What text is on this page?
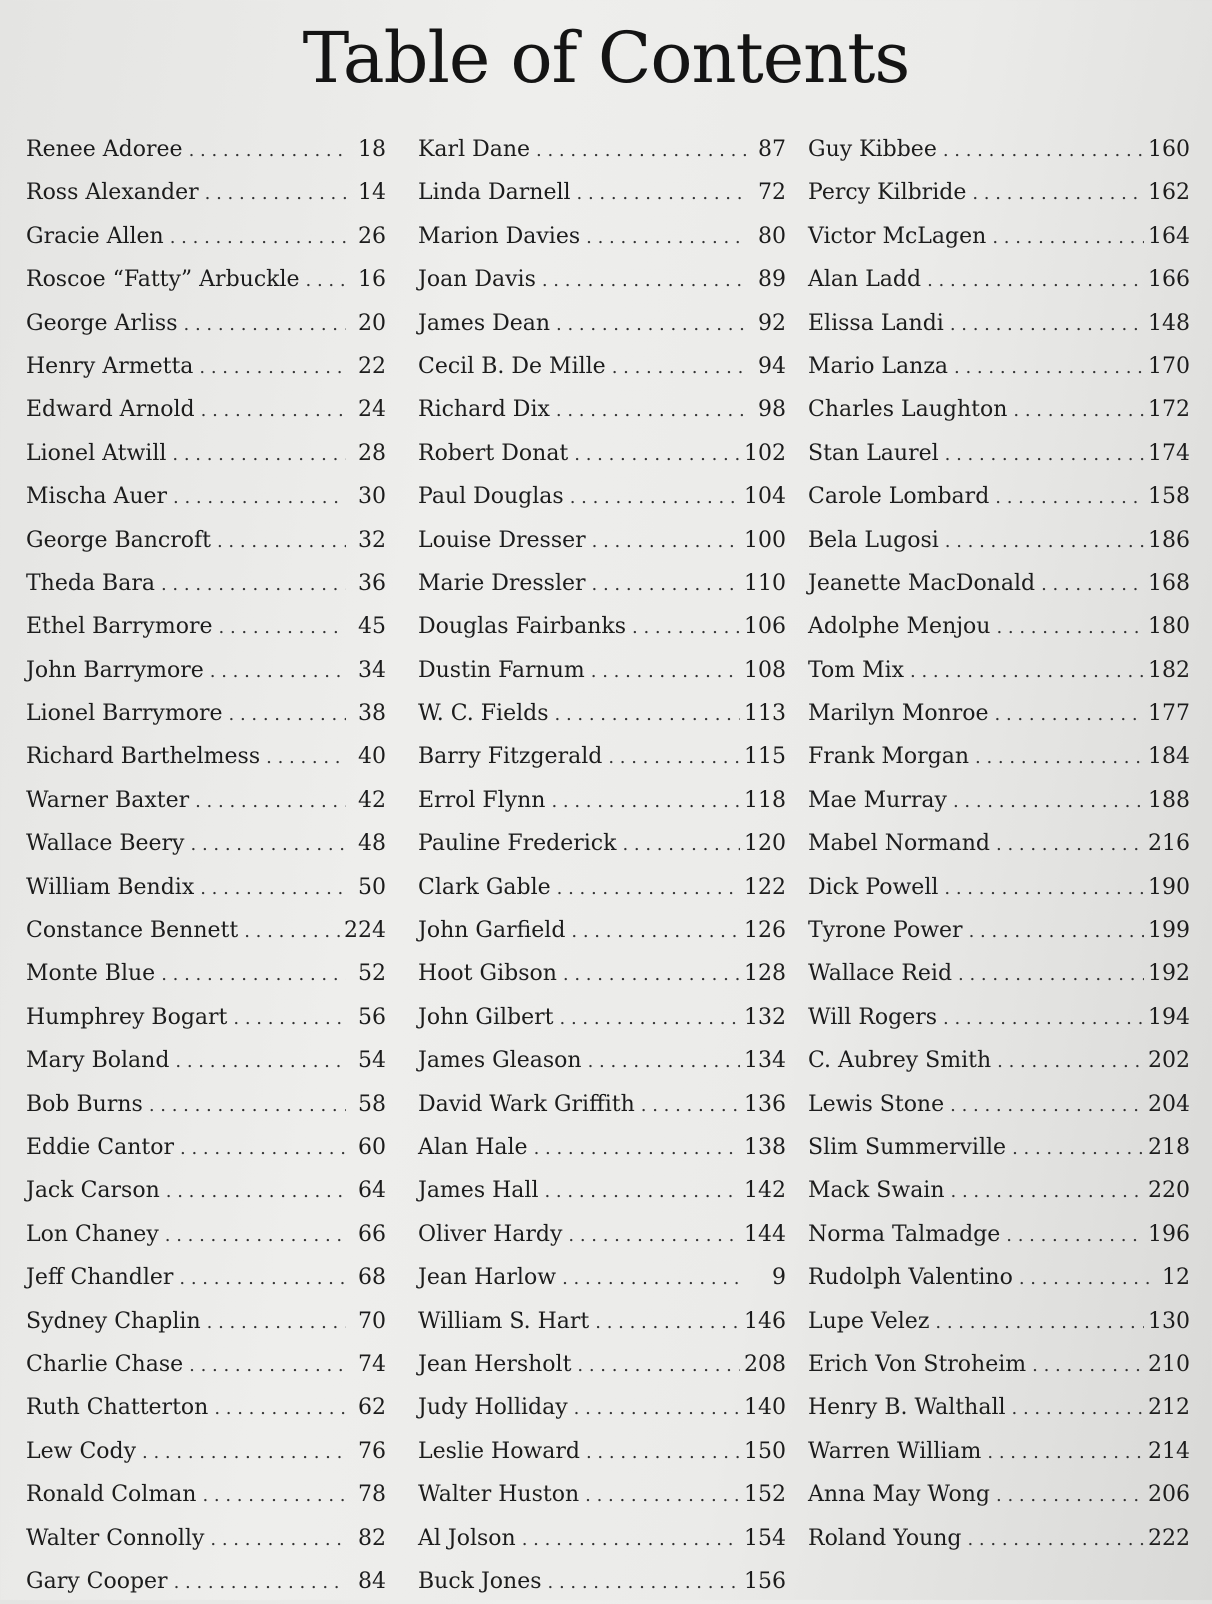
Table of Contents
Renee Adoree . . .	18
Ross Alexander . . .	14
Gracie Allen . . .	26
Roscoe “Fatty” Arbuckle . . .	16
George Arliss . . .	20
Henry Armetta . . .	22
Edward Arnold . . .	24
Lionel Atwill . . .	28
Mischa Auer . . .	30
George Bancroft . . .	32
Theda Bara . . .	36
Ethel Barrymore . . .	45
John Barrymore . . .	34
Lionel Barrymore . . .	38
Richard Barthelmess . . .	40
Warner Baxter . . .	42
Wallace Beery . . .	48
William Bendix . . .	50
Constance Bennett . . .	224
Monte Blue . . .	52
Humphrey Bogart . . .	56
Mary Boland . . .	54
Bob Burns . . .	58
Eddie Cantor . . .	60
Jack Carson . . .	64
Lon Chaney . . .	66
Jeff Chandler . . .	68
Sydney Chaplin . . .	70
Charlie Chase . . .	74
Ruth Chatterton . . .	62
Lew Cody . . .	76
Ronald Colman . . .	78
Walter Connolly . . .	82
Gary Cooper . . .	84
Karl Dane . . .	87
Linda Darnell . . .	72
Marion Davies . . .	80
Joan Davis . . .	89
James Dean . . .	92
Cecil B. De Mille . . .	94
Richard Dix . . .	98
Robert Donat . . .	102
Paul Douglas . . .	104
Louise Dresser . . .	100
Marie Dressler . . .	110
Douglas Fairbanks . . .	106
Dustin Farnum . . .	108
W. C. Fields . . .	113
Barry Fitzgerald . . .	115
Errol Flynn . . .	118
Pauline Frederick . . .	120
Clark Gable . . .	122
John Garfield . . .	126
Hoot Gibson . . .	128
John Gilbert . . .	132
James Gleason . . .	134
David Wark Griffith . . .	136
Alan Hale . . .	138
James Hall . . .	142
Oliver Hardy . . .	144
Jean Harlow . . .	9
William S. Hart . . .	146
Jean Hersholt . . .	208
Judy Holliday . . .	140
Leslie Howard . . .	150
Walter Huston . . .	152
Al Jolson . . .	154
Buck Jones . . .	156
Guy Kibbee . . .	160
Percy Kilbride . . .	162
Victor McLagen . . .	164
Alan Ladd . . .	166
Elissa Landi . . .	148
Mario Lanza . . .	170
Charles Laughton . . .	172
Stan Laurel . . .	174
Carole Lombard . . .	158
Bela Lugosi . . .	186
Jeanette MacDonald . . .	168
Adolphe Menjou . . .	180
Tom Mix . . .	182
Marilyn Monroe . . .	177
Frank Morgan . . .	184
Mae Murray . . .	188
Mabel Normand . . .	216
Dick Powell . . .	190
Tyrone Power . . .	199
Wallace Reid . . .	192
Will Rogers . . .	194
C. Aubrey Smith . . .	202
Lewis Stone . . .	204
Slim Summerville . . .	218
Mack Swain . . .	220
Norma Talmadge . . .	196
Rudolph Valentino . . .	12
Lupe Velez . . .	130
Erich Von Stroheim . . .	210
Henry B. Walthall . . .	212
Warren William . . .	214
Anna May Wong . . .	206
Roland Young . . .	222
